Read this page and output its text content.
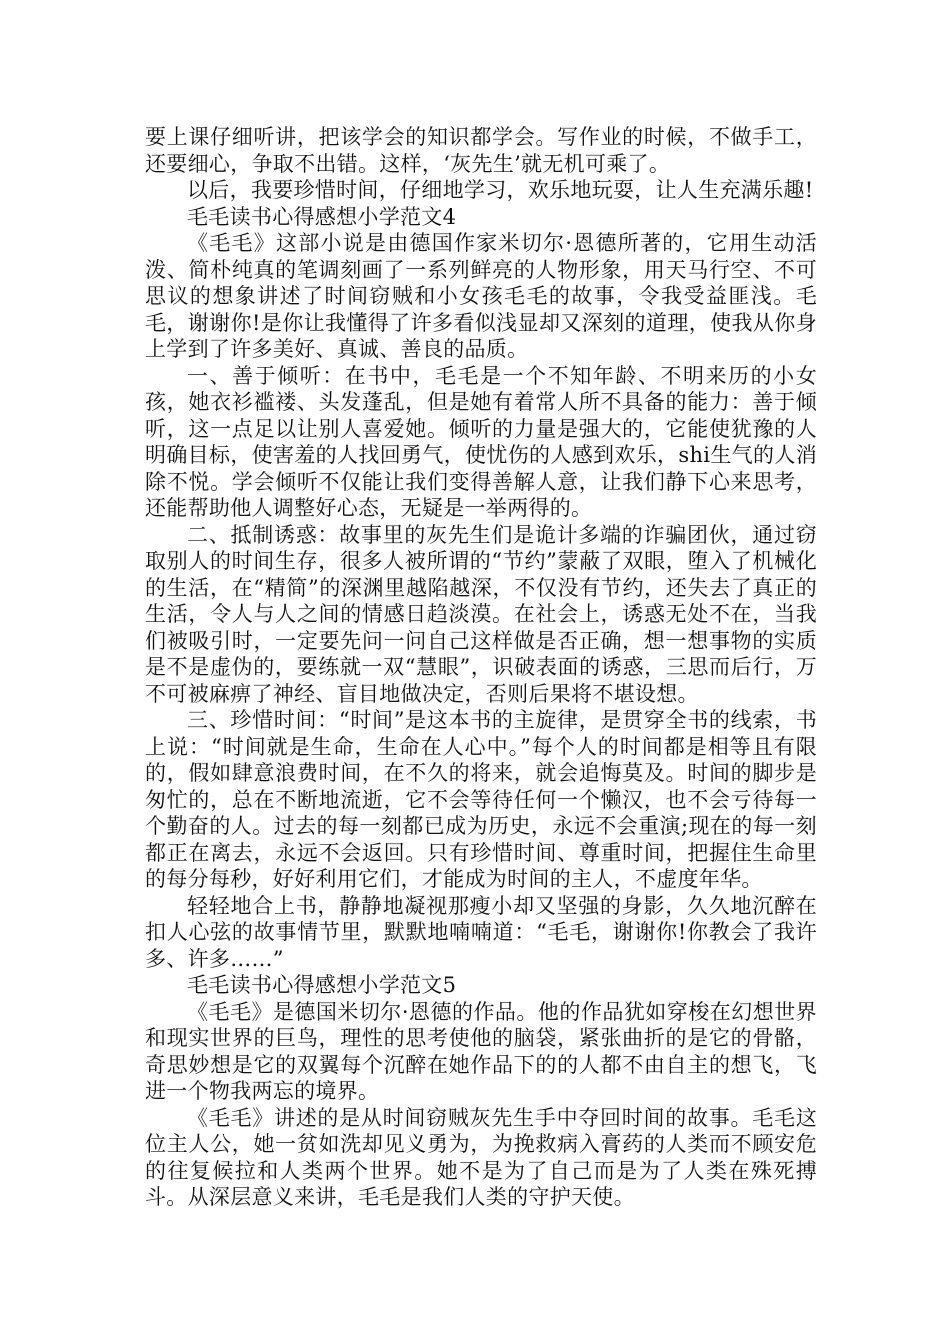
要上课仔细听讲，把该学会的知识都学会。写作业的时候，不做手工，还要细心，争取不出错。这样，‘灰先生’就无机可乘了。

以后，我要珍惜时间，仔细地学习，欢乐地玩耍，让人生充满乐趣!

毛毛读书心得感想小学范文4

《毛毛》这部小说是由德国作家米切尔·恩德所著的，它用生动活泼、简朴纯真的笔调刻画了一系列鲜亮的人物形象，用天马行空、不可思议的想象讲述了时间窃贼和小女孩毛毛的故事，令我受益匪浅。毛毛，谢谢你!是你让我懂得了许多看似浅显却又深刻的道理，使我从你身上学到了许多美好、真诚、善良的品质。

一、善于倾听：在书中，毛毛是一个不知年龄、不明来历的小女孩，她衣衫褴褛、头发蓬乱，但是她有着常人所不具备的能力：善于倾听，这一点足以让别人喜爱她。倾听的力量是强大的，它能使犹豫的人明确目标，使害羞的人找回勇气，使忧伤的人感到欢乐，shi生气的人消除不悦。学会倾听不仅能让我们变得善解人意，让我们静下心来思考，还能帮助他人调整好心态，无疑是一举两得的。

二、抵制诱惑：故事里的灰先生们是诡计多端的诈骗团伙，通过窃取别人的时间生存，很多人被所谓的“节约”蒙蔽了双眼，堕入了机械化的生活，在“精简”的深渊里越陷越深，不仅没有节约，还失去了真正的生活，令人与人之间的情感日趋淡漠。在社会上，诱惑无处不在，当我们被吸引时，一定要先问一问自己这样做是否正确，想一想事物的实质是不是虚伪的，要练就一双“慧眼”，识破表面的诱惑，三思而后行，万不可被麻痹了神经、盲目地做决定，否则后果将不堪设想。

三、珍惜时间：“时间”是这本书的主旋律，是贯穿全书的线索，书上说：“时间就是生命，生命在人心中。”每个人的时间都是相等且有限的，假如肆意浪费时间，在不久的将来，就会追悔莫及。时间的脚步是匆忙的，总在不断地流逝，它不会等待任何一个懒汉，也不会亏待每一个勤奋的人。过去的每一刻都已成为历史，永远不会重演;现在的每一刻都正在离去，永远不会返回。只有珍惜时间、尊重时间，把握住生命里的每分每秒，好好利用它们，才能成为时间的主人，不虚度年华。

轻轻地合上书，静静地凝视那瘦小却又坚强的身影，久久地沉醉在扣人心弦的故事情节里，默默地喃喃道：“毛毛，谢谢你!你教会了我许多、许多……”

毛毛读书心得感想小学范文5

《毛毛》是德国米切尔·恩德的作品。他的作品犹如穿梭在幻想世界和现实世界的巨鸟，理性的思考使他的脑袋，紧张曲折的是它的骨骼，奇思妙想是它的双翼每个沉醉在她作品下的的人都不由自主的想飞，飞进一个物我两忘的境界。

《毛毛》讲述的是从时间窃贼灰先生手中夺回时间的故事。毛毛这位主人公，她一贫如洗却见义勇为，为挽救病入膏药的人类而不顾安危的往复候拉和人类两个世界。她不是为了自己而是为了人类在殊死搏斗。从深层意义来讲，毛毛是我们人类的守护天使。
